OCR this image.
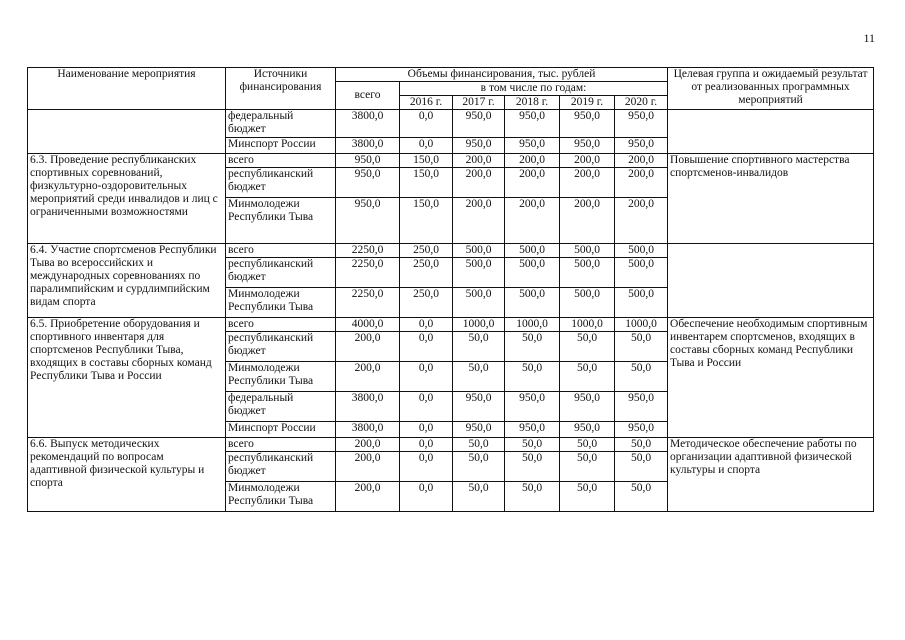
11
Наименование мероприятия	Источники финансирования	Объемы финансирования, тыс. рублей						Целевая группа и ожидаемый результат от реализованных программных мероприятий
		всего	в том числе по годам:					
			2016 г.	2017 г.	2018 г.	2019 г.	2020 г.	
	федеральный бюджет	3800,0	0,0	950,0	950,0	950,0	950,0	
	Минспорт России	3800,0	0,0	950,0	950,0	950,0	950,0	
6.3. Проведение республиканских спортивных соревнований, физкультурно-оздоровительных мероприятий среди инвалидов и лиц с ограниченными возможностями	всего	950,0	150,0	200,0	200,0	200,0	200,0	Повышение спортивного мастерства спортсменов-инвалидов
	республиканский бюджет	950,0	150,0	200,0	200,0	200,0	200,0	
	Минмолодежи Республики Тыва	950,0	150,0	200,0	200,0	200,0	200,0	
6.4. Участие спортсменов Республики Тыва во всероссийских и международных соревнованиях по паралимпийским и сурдлимпийским видам спорта	всего	2250,0	250,0	500,0	500,0	500,0	500,0	
	республиканский бюджет	2250,0	250,0	500,0	500,0	500,0	500,0	
	Минмолодежи Республики Тыва	2250,0	250,0	500,0	500,0	500,0	500,0	
6.5. Приобретение оборудования и спортивного инвентаря для спортсменов Республики Тыва, входящих в составы сборных команд Республики Тыва и России	всего	4000,0	0,0	1000,0	1000,0	1000,0	1000,0	Обеспечение необходимым спортивным инвентарем спортсменов, входящих в составы сборных команд Республики Тыва и России
	республиканский бюджет	200,0	0,0	50,0	50,0	50,0	50,0	
	Минмолодежи Республики Тыва	200,0	0,0	50,0	50,0	50,0	50,0	
	федеральный бюджет	3800,0	0,0	950,0	950,0	950,0	950,0	
	Минспорт России	3800,0	0,0	950,0	950,0	950,0	950,0	
6.6. Выпуск методических рекомендаций по вопросам адаптивной физической культуры и спорта	всего	200,0	0,0	50,0	50,0	50,0	50,0	Методическое обеспечение работы по организации адаптивной физической культуры и спорта
	республиканский бюджет	200,0	0,0	50,0	50,0	50,0	50,0	
	Минмолодежи Республики Тыва	200,0	0,0	50,0	50,0	50,0	50,0	
